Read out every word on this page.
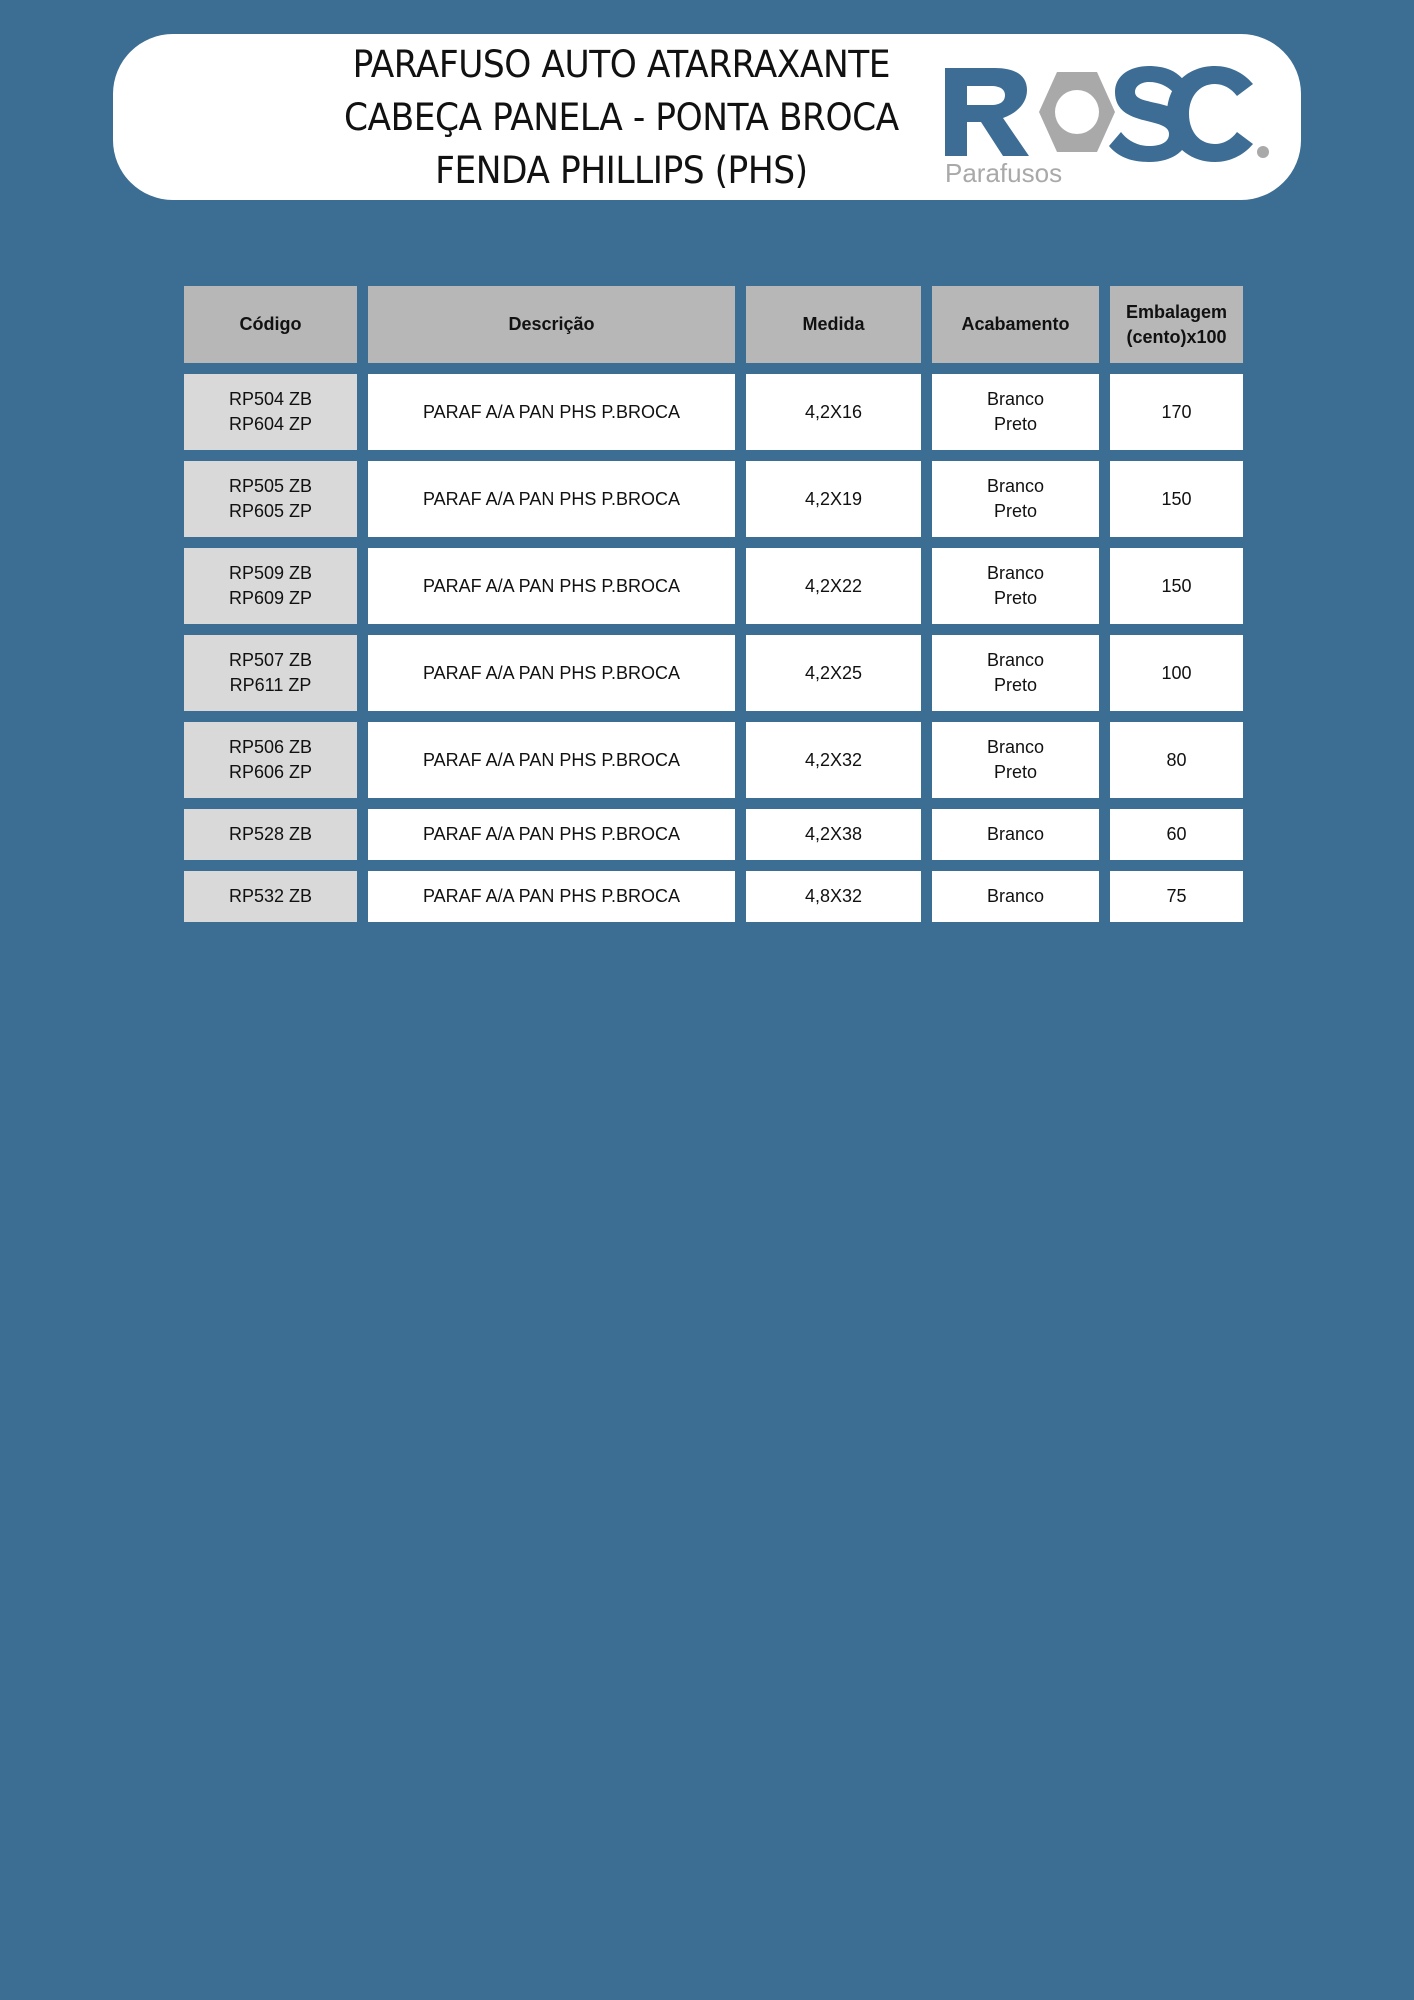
PARAFUSO AUTO ATARRAXANTE
CABEÇA PANELA - PONTA BROCA
FENDA PHILLIPS (PHS)	Parafusos
Código	Descrição	Medida	Acabamento	Embalagem
(cento)x100

RP504 ZB
RP604 ZP	PARAF A/A PAN PHS P.BROCA	4,2X16	Branco
Preto	170

RP505 ZB
RP605 ZP	PARAF A/A PAN PHS P.BROCA	4,2X19	Branco
Preto	150

RP509 ZB
RP609 ZP	PARAF A/A PAN PHS P.BROCA	4,2X22	Branco
Preto	150

RP507 ZB
RP611 ZP	PARAF A/A PAN PHS P.BROCA	4,2X25	Branco
Preto	100

RP506 ZB
RP606 ZP	PARAF A/A PAN PHS P.BROCA	4,2X32	Branco
Preto	80

RP528 ZB	PARAF A/A PAN PHS P.BROCA	4,2X38	Branco	60

RP532 ZB	PARAF A/A PAN PHS P.BROCA	4,8X32	Branco	75
